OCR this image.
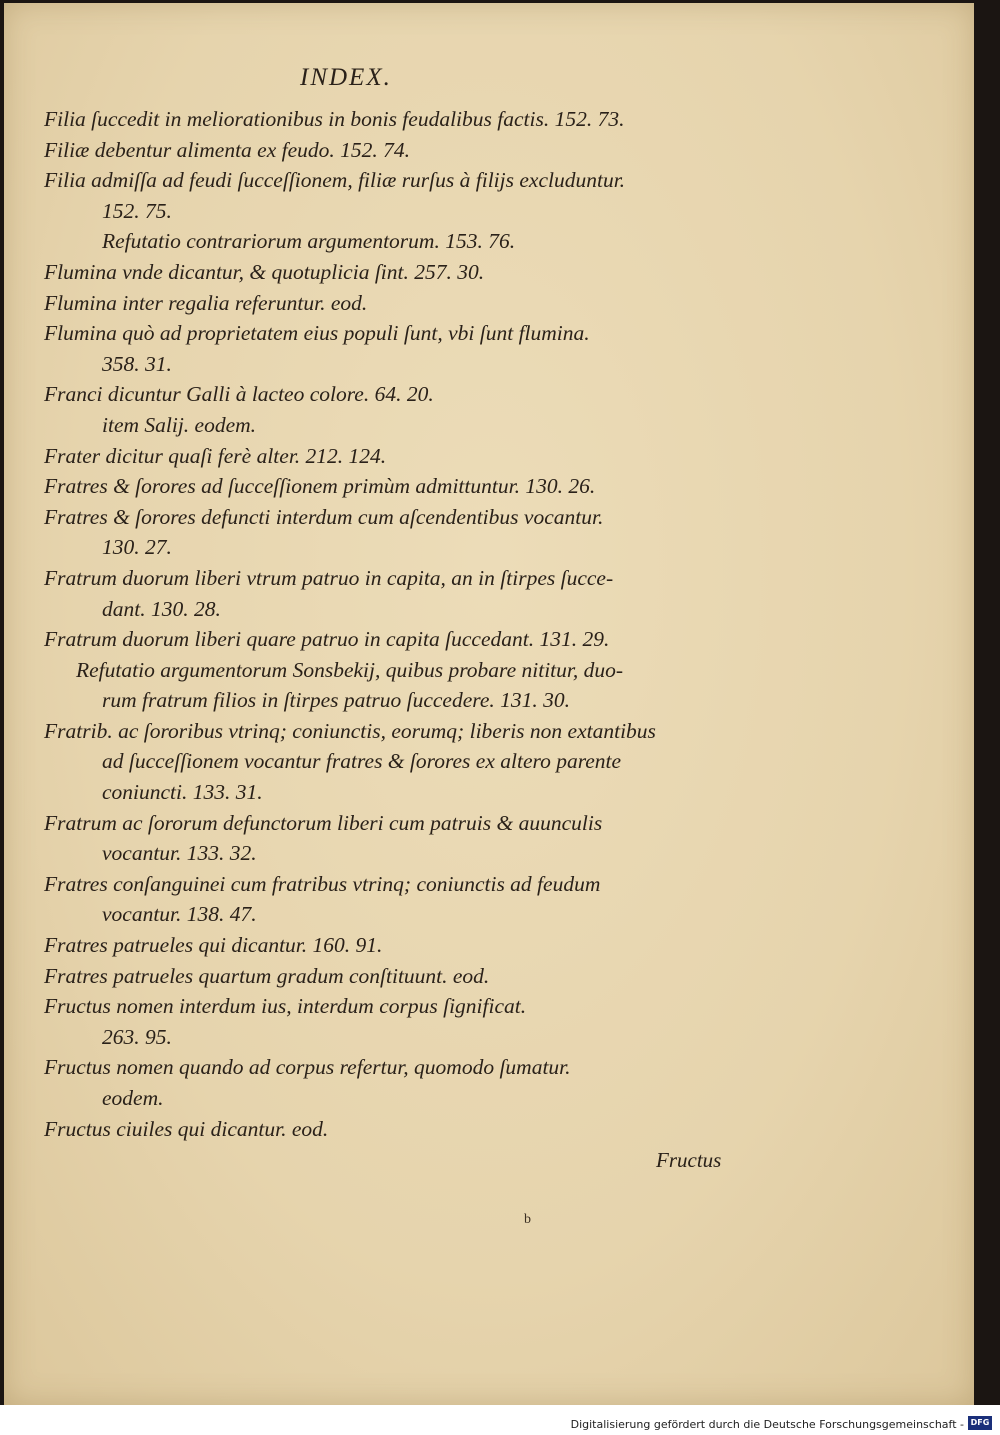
INDEX.
Filia ſuccedit in meliorationibus in bonis feudalibus factis. 152. 73.
Filiæ debentur alimenta ex feudo. 152. 74.
Filia admiſſa ad feudi ſucceſſionem, filiæ rurſus à filijs excluduntur.
152. 75.
Refutatio contrariorum argumentorum. 153. 76.
Flumina vnde dicantur, & quotuplicia ſint. 257. 30.
Flumina inter regalia referuntur. eod.
Flumina quò ad proprietatem eius populi ſunt, vbi ſunt flumina.
358. 31.
Franci dicuntur Galli à lacteo colore. 64. 20.
item Salij. eodem.
Frater dicitur quaſi ferè alter. 212. 124.
Fratres & ſorores ad ſucceſſionem primùm admittuntur. 130. 26.
Fratres & ſorores defuncti interdum cum aſcendentibus vocantur.
130. 27.
Fratrum duorum liberi vtrum patruo in capita, an in ſtirpes ſucce-
dant. 130. 28.
Fratrum duorum liberi quare patruo in capita ſuccedant. 131. 29.
Refutatio argumentorum Sonsbekij, quibus probare nititur, duo-
rum fratrum filios in ſtirpes patruo ſuccedere. 131. 30.
Fratrib. ac ſororibus vtrinq; coniunctis, eorumq; liberis non extantibus
ad ſucceſſionem vocantur fratres & ſorores ex altero parente
coniuncti. 133. 31.
Fratrum ac ſororum defunctorum liberi cum patruis & auunculis
vocantur. 133. 32.
Fratres conſanguinei cum fratribus vtrinq; coniunctis ad feudum
vocantur. 138. 47.
Fratres patrueles qui dicantur. 160. 91.
Fratres patrueles quartum gradum conſtituunt. eod.
Fructus nomen interdum ius, interdum corpus ſignificat.
263. 95.
Fructus nomen quando ad corpus refertur, quomodo ſumatur.
eodem.
Fructus ciuiles qui dicantur. eod.
Fructus
b
Digitalisierung gefördert durch die Deutsche Forschungsgemeinschaft - DFG
